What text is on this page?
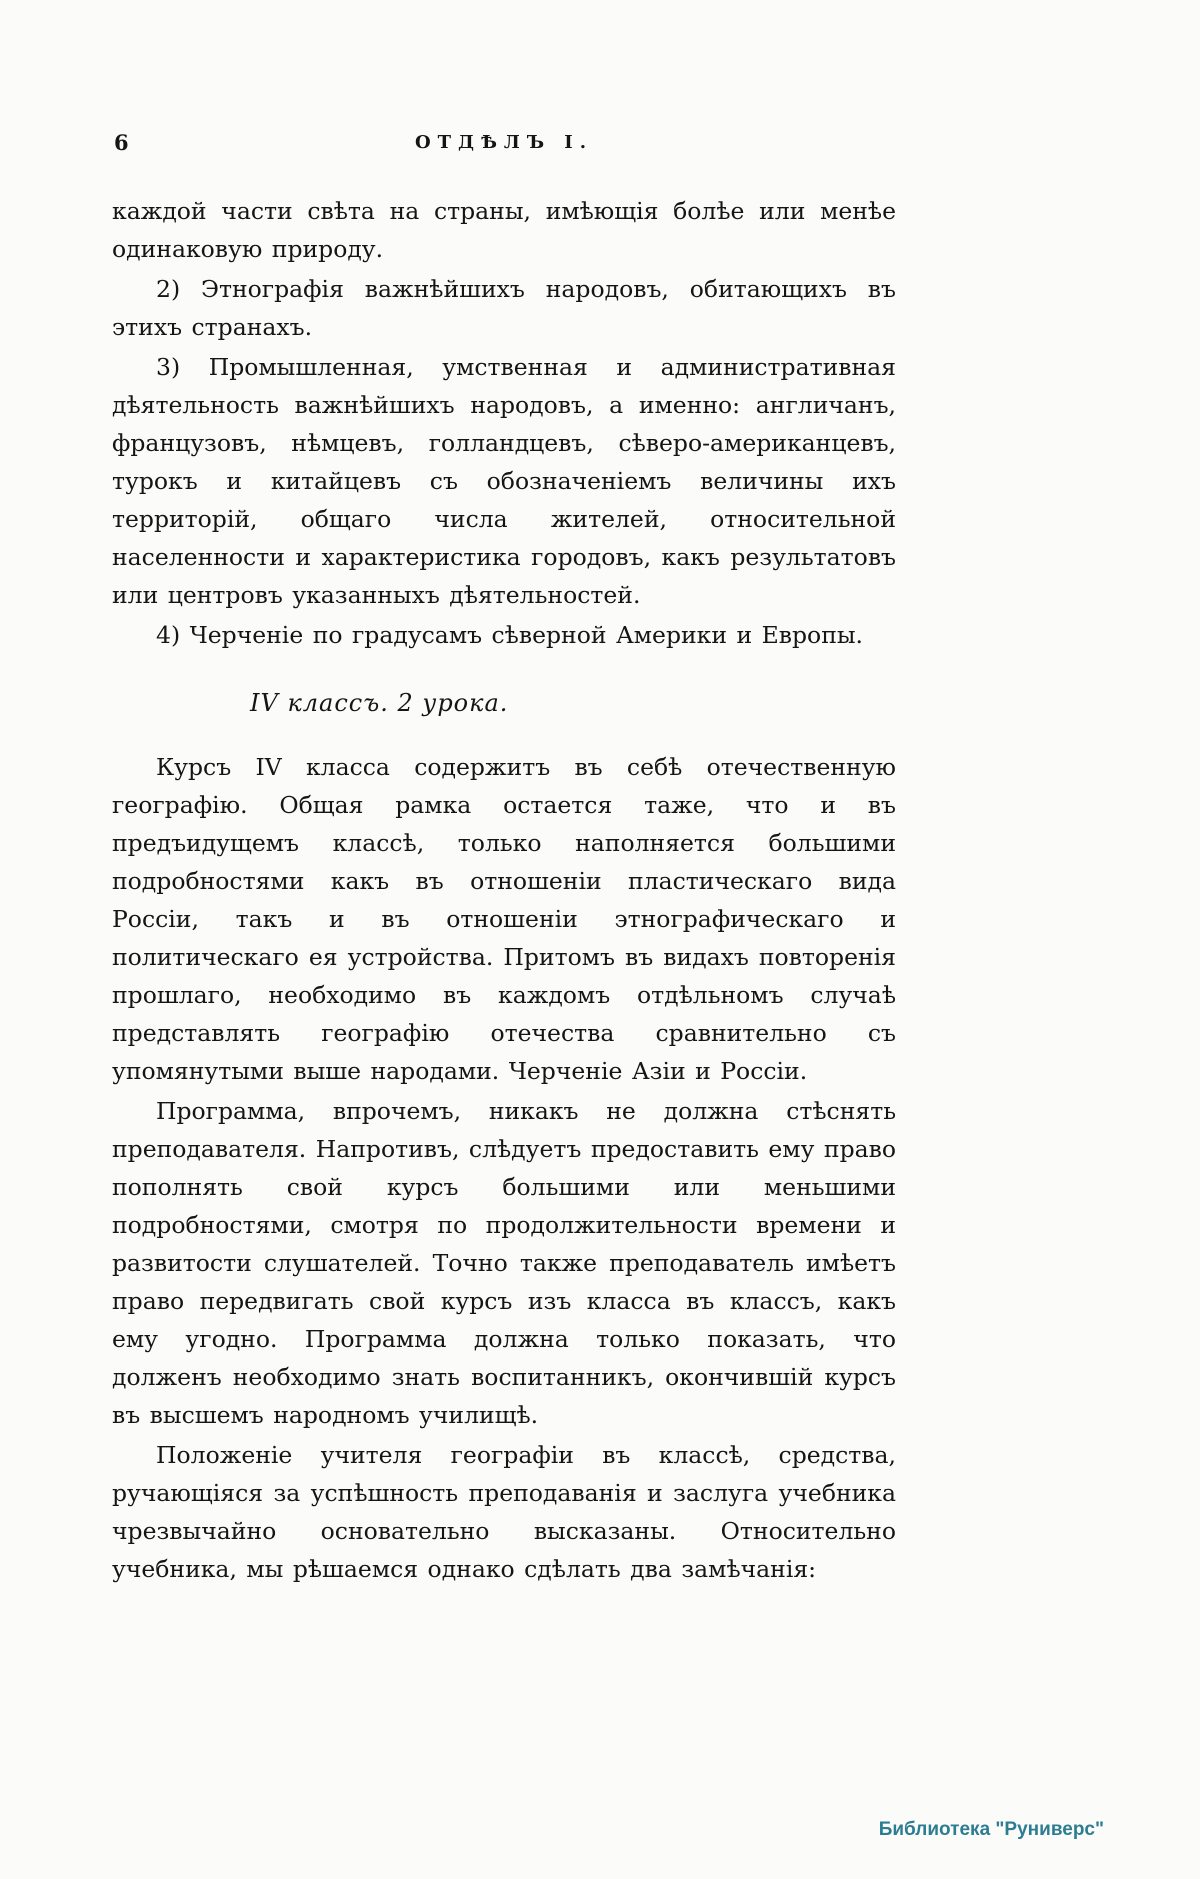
6	ОТДѢЛЪ I.

каждой части свѣта на страны, имѣющія болѣе или менѣе одинаковую природу.

2) Этнографія важнѣйшихъ народовъ, обитающихъ въ этихъ странахъ.

3) Промышленная, умственная и административная дѣятельность важнѣйшихъ народовъ, а именно: англичанъ, французовъ, нѣмцевъ, голландцевъ, сѣверо-американцевъ, турокъ и китайцевъ съ обозначеніемъ величины ихъ территорій, общаго числа жителей, относительной населенности и характеристика городовъ, какъ результатовъ или центровъ указанныхъ дѣятельностей.

4) Черченіе по градусамъ сѣверной Америки и Европы.

IV классъ. 2 урока.

Курсъ IV класса содержитъ въ себѣ отечественную географію. Общая рамка остается таже, что и въ предъидущемъ классѣ, только наполняется большими подробностями какъ въ отношеніи пластическаго вида Россіи, такъ и въ отношеніи этнографическаго и политическаго ея устройства. Притомъ въ видахъ повторенія прошлаго, необходимо въ каждомъ отдѣльномъ случаѣ представлять географію отечества сравнительно съ упомянутыми выше народами. Черченіе Азіи и Россіи.

Программа, впрочемъ, никакъ не должна стѣснять преподавателя. Напротивъ, слѣдуетъ предоставить ему право пополнять свой курсъ большими или меньшими подробностями, смотря по продолжительности времени и развитости слушателей. Точно также преподаватель имѣетъ право передвигать свой курсъ изъ класса въ классъ, какъ ему угодно. Программа должна только показать, что долженъ необходимо знать воспитанникъ, окончившій курсъ въ высшемъ народномъ училищѣ.

Положеніе учителя географіи въ классѣ, средства, ручающіяся за успѣшность преподаванія и заслуга учебника чрезвычайно основательно высказаны. Относительно учебника, мы рѣшаемся однако сдѣлать два замѣчанія:

Библиотека "Руниверс"
